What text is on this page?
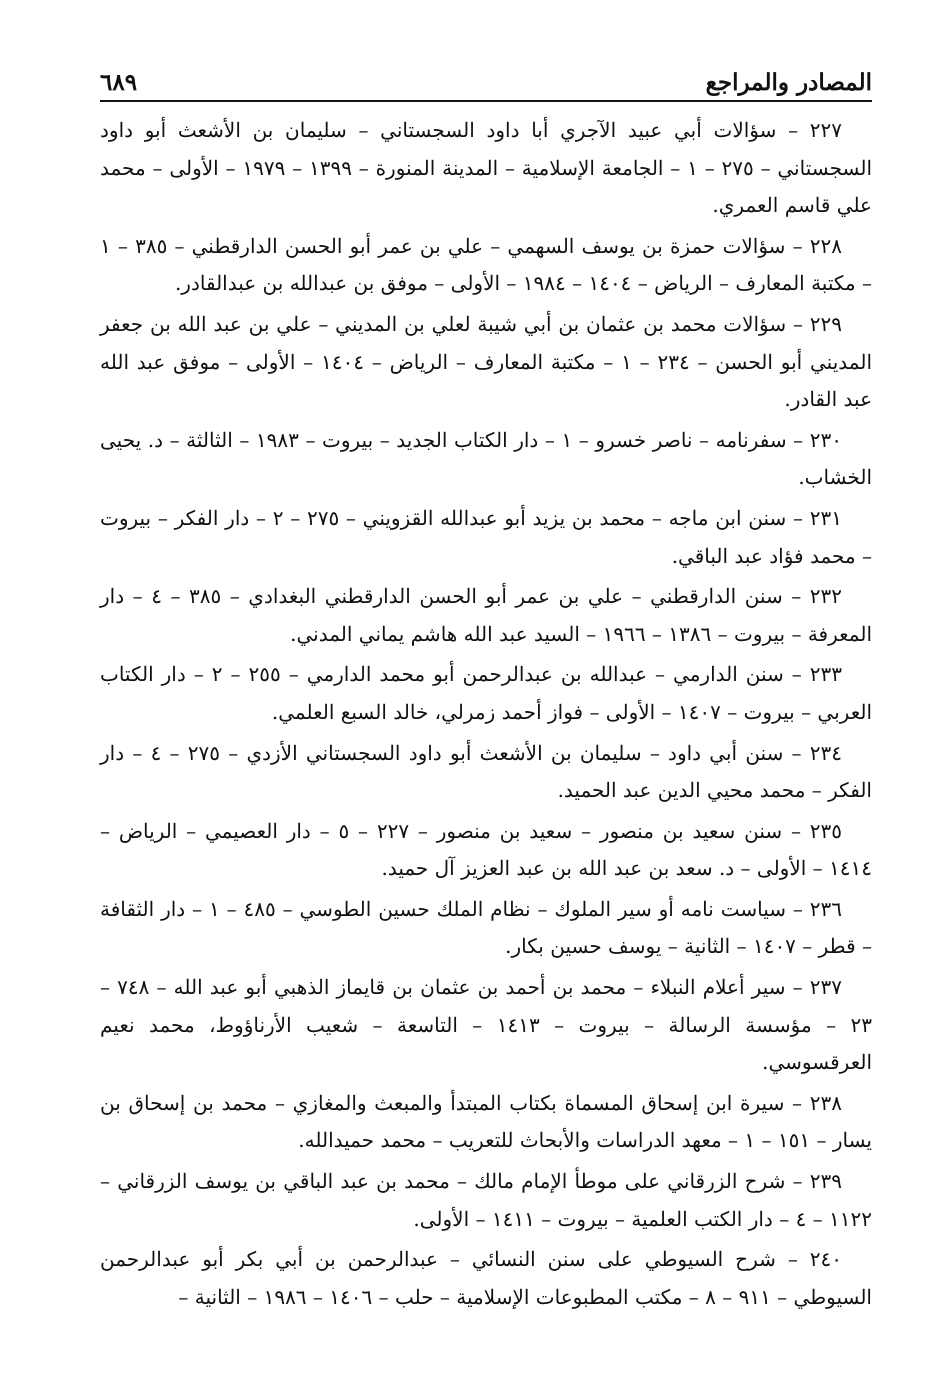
المصادر والمراجع
٦٨٩

٢٢٧ – سؤالات أبي عبيد الآجري أبا داود السجستاني – سليمان بن الأشعث أبو داود السجستاني – ٢٧٥ – ١ – الجامعة الإسلامية – المدينة المنورة – ١٣٩٩ – ١٩٧٩ – الأولى – محمد علي قاسم العمري.

٢٢٨ – سؤالات حمزة بن يوسف السهمي – علي بن عمر أبو الحسن الدارقطني – ٣٨٥ – ١ – مكتبة المعارف – الرياض – ١٤٠٤ – ١٩٨٤ – الأولى – موفق بن عبدالله بن عبدالقادر.

٢٢٩ – سؤالات محمد بن عثمان بن أبي شيبة لعلي بن المديني – علي بن عبد الله بن جعفر المديني أبو الحسن – ٢٣٤ – ١ – مكتبة المعارف – الرياض – ١٤٠٤ – الأولى – موفق عبد الله عبد القادر.

٢٣٠ – سفرنامه – ناصر خسرو – ١ – دار الكتاب الجديد – بيروت – ١٩٨٣ – الثالثة – د. يحيى الخشاب.

٢٣١ – سنن ابن ماجه – محمد بن يزيد أبو عبدالله القزويني – ٢٧٥ – ٢ – دار الفكر – بيروت – محمد فؤاد عبد الباقي.

٢٣٢ – سنن الدارقطني – علي بن عمر أبو الحسن الدارقطني البغدادي – ٣٨٥ – ٤ – دار المعرفة – بيروت – ١٣٨٦ – ١٩٦٦ – السيد عبد الله هاشم يماني المدني.

٢٣٣ – سنن الدارمي – عبدالله بن عبدالرحمن أبو محمد الدارمي – ٢٥٥ – ٢ – دار الكتاب العربي – بيروت – ١٤٠٧ – الأولى – فواز أحمد زمرلي، خالد السبع العلمي.

٢٣٤ – سنن أبي داود – سليمان بن الأشعث أبو داود السجستاني الأزدي – ٢٧٥ – ٤ – دار الفكر – محمد محيي الدين عبد الحميد.

٢٣٥ – سنن سعيد بن منصور – سعيد بن منصور – ٢٢٧ – ٥ – دار العصيمي – الرياض – ١٤١٤ – الأولى – د. سعد بن عبد الله بن عبد العزيز آل حميد.

٢٣٦ – سياست نامه أو سير الملوك – نظام الملك حسين الطوسي – ٤٨٥ – ١ – دار الثقافة – قطر – ١٤٠٧ – الثانية – يوسف حسين بكار.

٢٣٧ – سير أعلام النبلاء – محمد بن أحمد بن عثمان بن قايماز الذهبي أبو عبد الله – ٧٤٨ – ٢٣ – مؤسسة الرسالة – بيروت – ١٤١٣ – التاسعة – شعيب الأرناؤوط، محمد نعيم العرقسوسي.

٢٣٨ – سيرة ابن إسحاق المسماة بكتاب المبتدأ والمبعث والمغازي – محمد بن إسحاق بن يسار – ١٥١ – ١ – معهد الدراسات والأبحاث للتعريب – محمد حميدالله.

٢٣٩ – شرح الزرقاني على موطأ الإمام مالك – محمد بن عبد الباقي بن يوسف الزرقاني – ١١٢٢ – ٤ – دار الكتب العلمية – بيروت – ١٤١١ – الأولى.

٢٤٠ – شرح السيوطي على سنن النسائي – عبدالرحمن بن أبي بكر أبو عبدالرحمن السيوطي – ٩١١ – ٨ – مكتب المطبوعات الإسلامية – حلب – ١٤٠٦ – ١٩٨٦ – الثانية –
